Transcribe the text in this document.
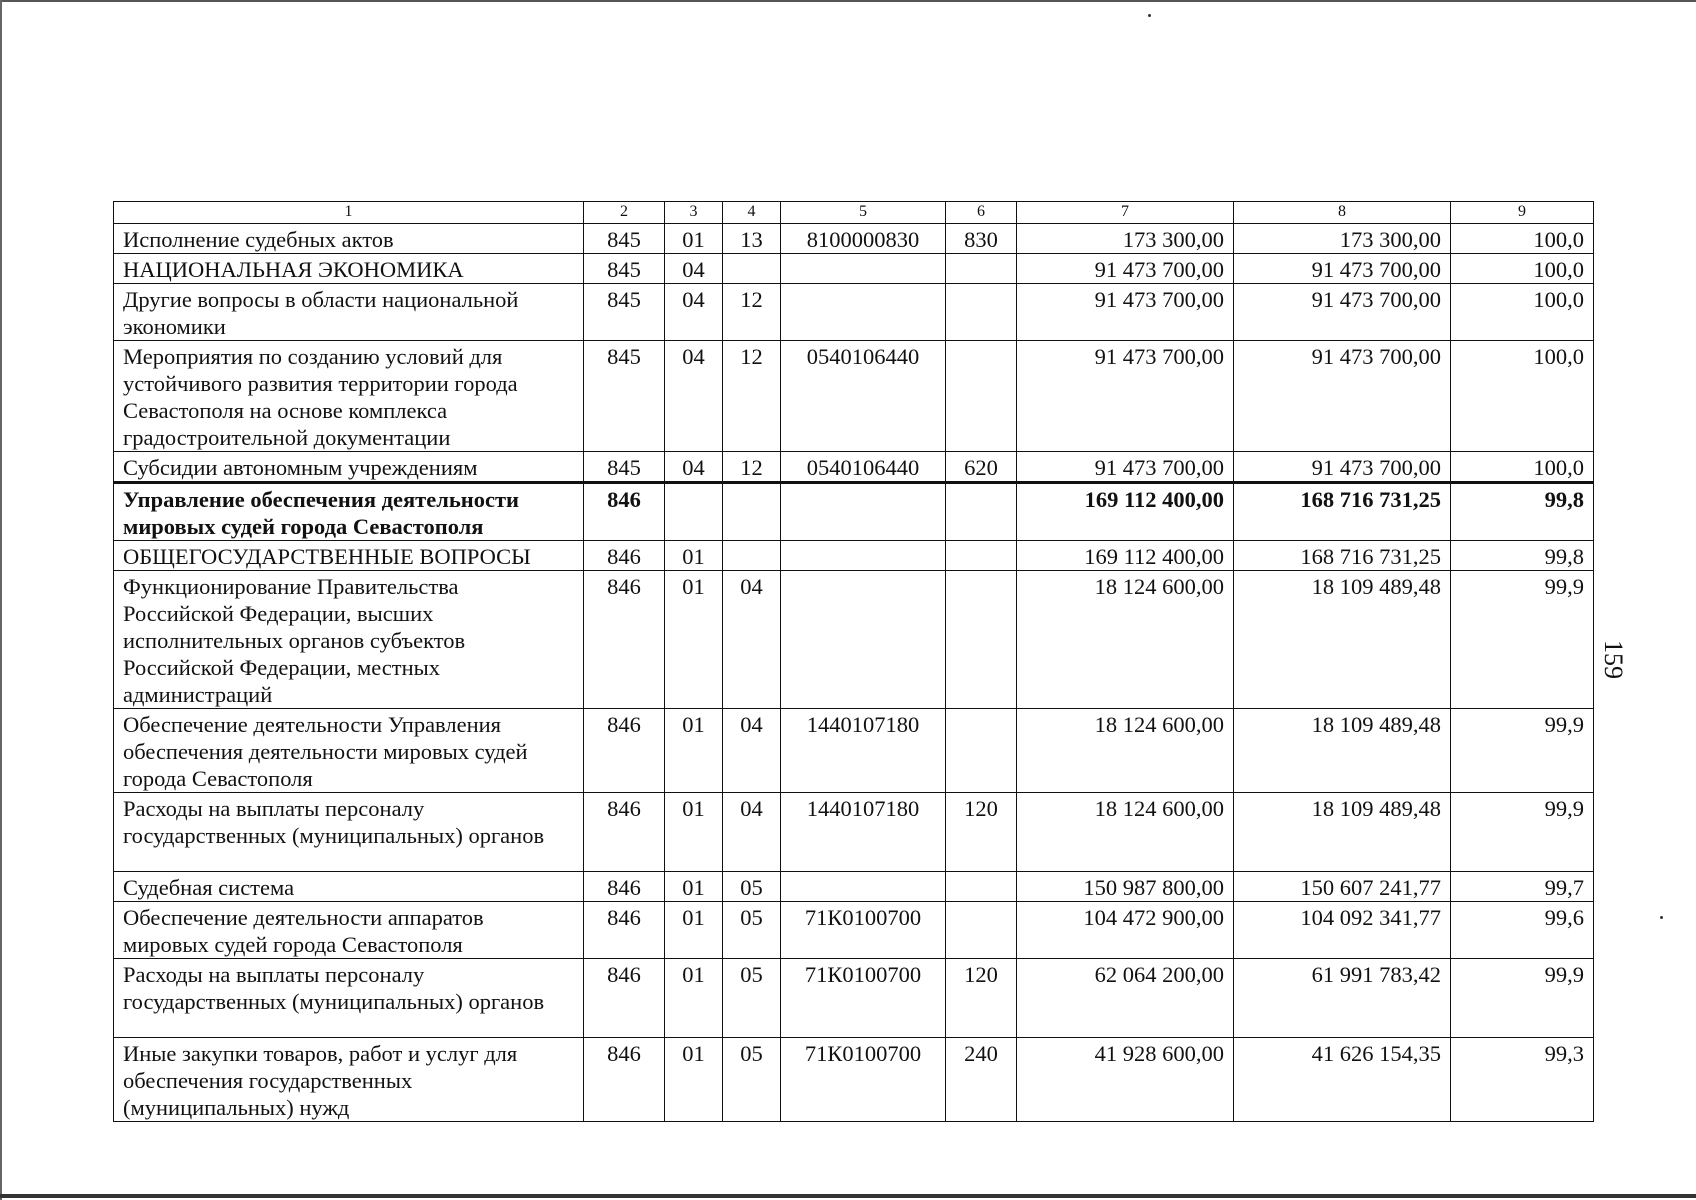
1	2	3	4	5	6	7	8	9
Исполнение судебных актов	845	01	13	8100000830	830	173 300,00	173 300,00	100,0
НАЦИОНАЛЬНАЯ ЭКОНОМИКА	845	04				91 473 700,00	91 473 700,00	100,0
Другие вопросы в области национальной экономики	845	04	12			91 473 700,00	91 473 700,00	100,0
Мероприятия по созданию условий для устойчивого развития территории города Севастополя на основе комплекса градостроительной документации	845	04	12	0540106440		91 473 700,00	91 473 700,00	100,0
Субсидии автономным учреждениям	845	04	12	0540106440	620	91 473 700,00	91 473 700,00	100,0
Управление обеспечения деятельности мировых судей города Севастополя	846					169 112 400,00	168 716 731,25	99,8
ОБЩЕГОСУДАРСТВЕННЫЕ ВОПРОСЫ	846	01				169 112 400,00	168 716 731,25	99,8
Функционирование Правительства Российской Федерации, высших исполнительных органов субъектов Российской Федерации, местных администраций	846	01	04			18 124 600,00	18 109 489,48	99,9
Обеспечение деятельности Управления обеспечения деятельности мировых судей города Севастополя	846	01	04	1440107180		18 124 600,00	18 109 489,48	99,9
Расходы на выплаты персоналу государственных (муниципальных) органов	846	01	04	1440107180	120	18 124 600,00	18 109 489,48	99,9
Судебная система	846	01	05			150 987 800,00	150 607 241,77	99,7
Обеспечение деятельности аппаратов мировых судей города Севастополя	846	01	05	71К0100700		104 472 900,00	104 092 341,77	99,6
Расходы на выплаты персоналу государственных (муниципальных) органов	846	01	05	71К0100700	120	62 064 200,00	61 991 783,42	99,9
Иные закупки товаров, работ и услуг для обеспечения государственных (муниципальных) нужд	846	01	05	71К0100700	240	41 928 600,00	41 626 154,35	99,3
159
